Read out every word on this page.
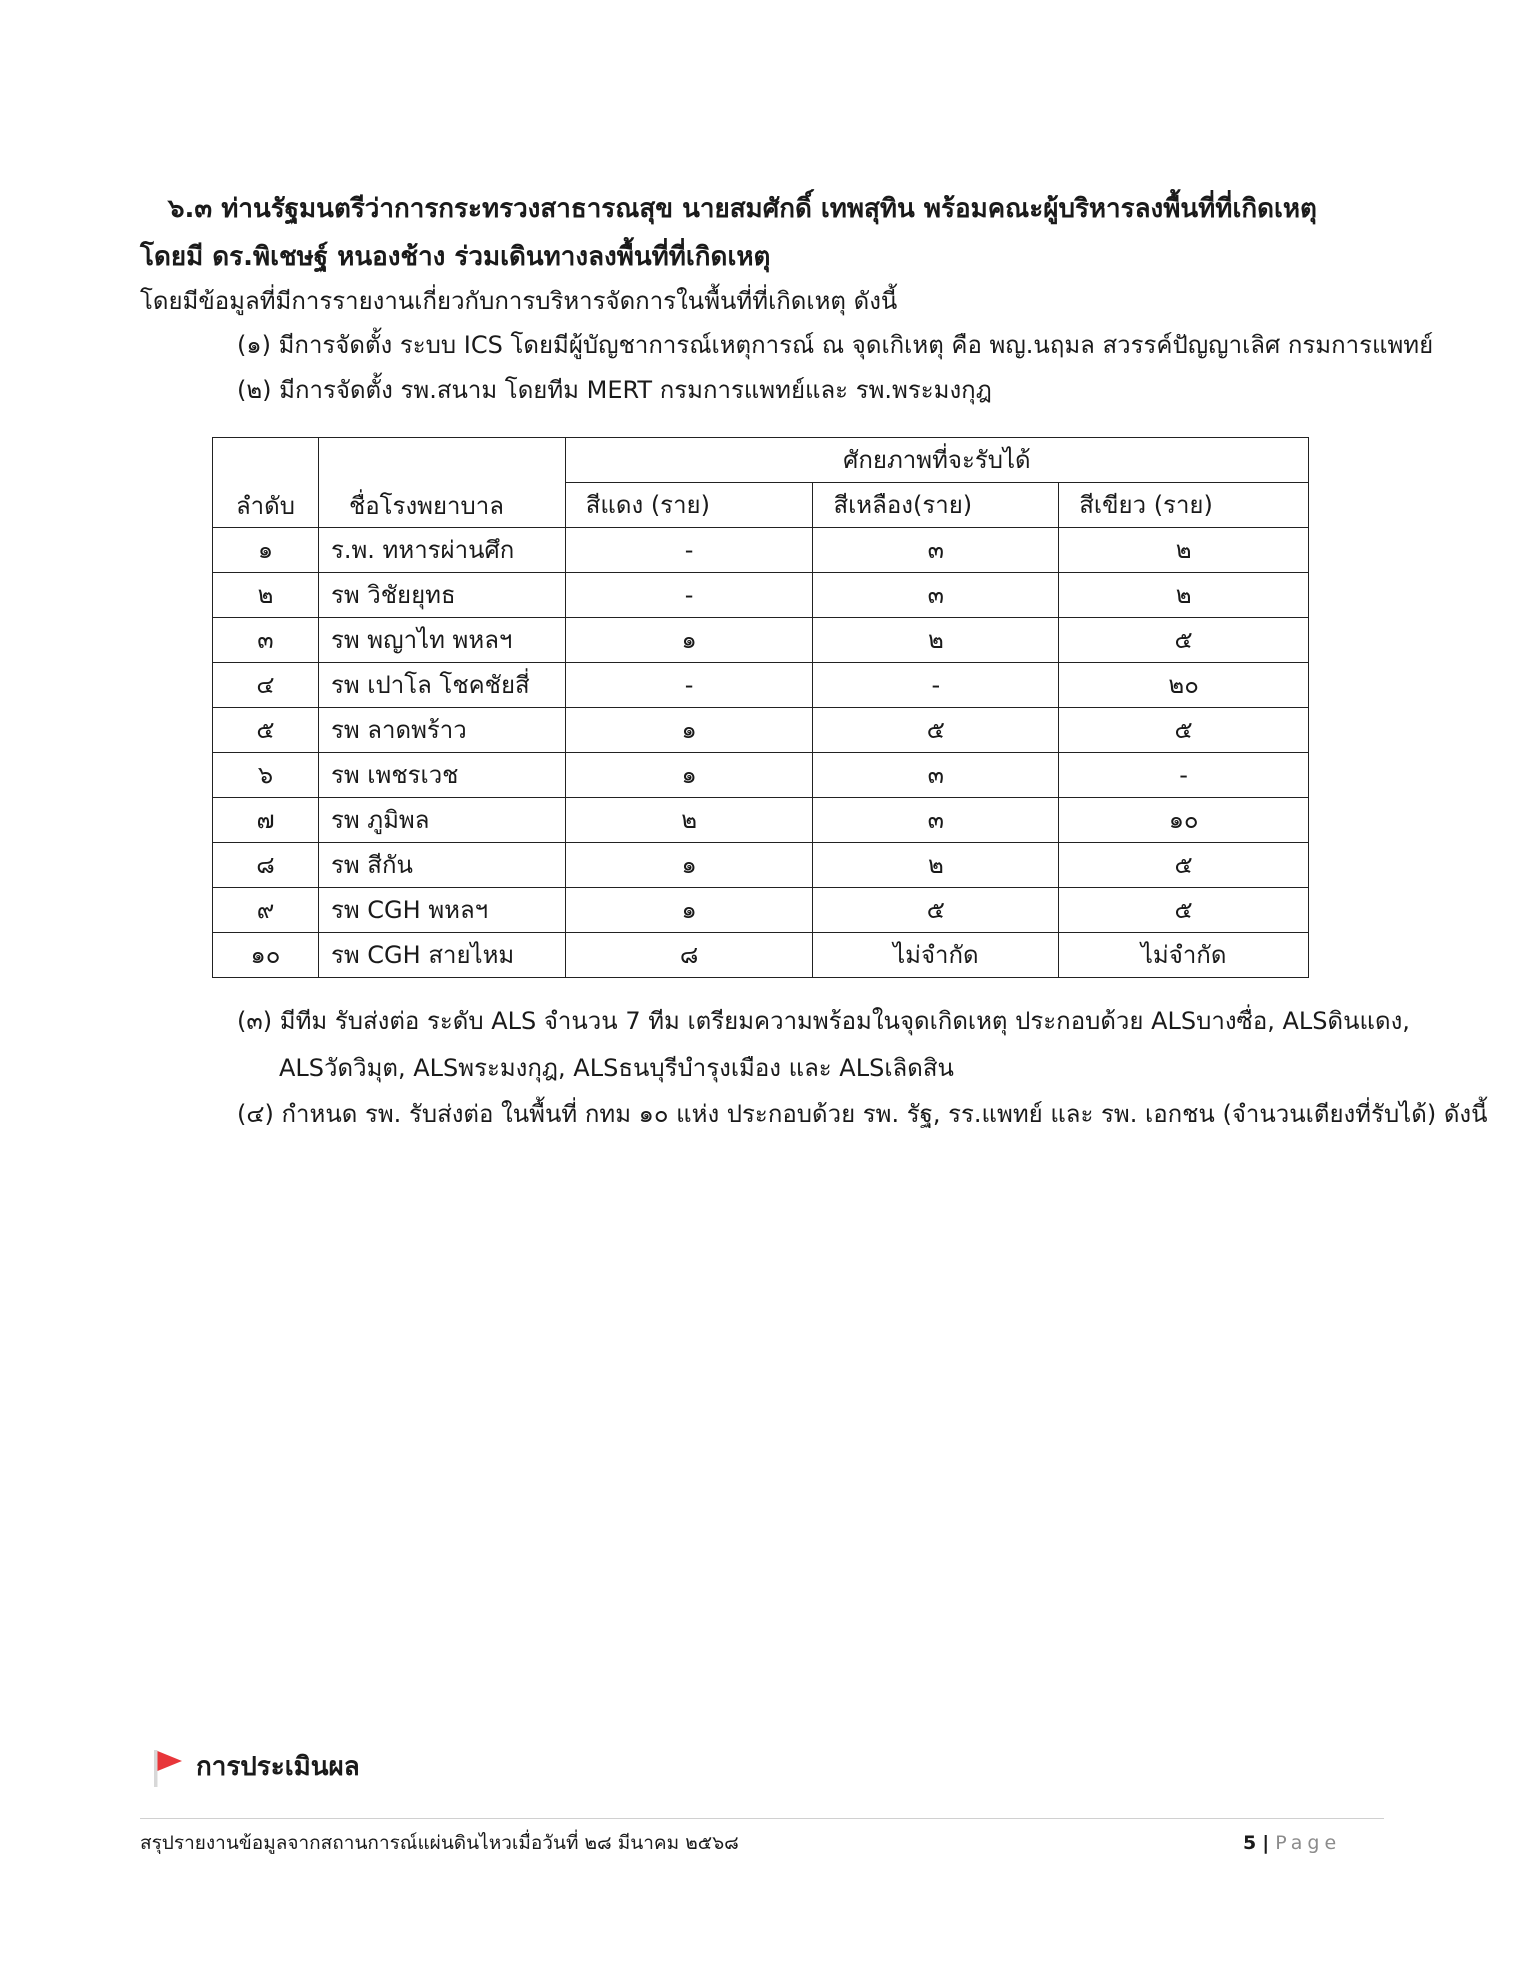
๖.๓ ท่านรัฐมนตรีว่าการกระทรวงสาธารณสุข นายสมศักดิ์ เทพสุทิน พร้อมคณะผู้บริหารลงพื้นที่ที่เกิดเหตุ
โดยมี ดร.พิเชษฐ์ หนองช้าง ร่วมเดินทางลงพื้นที่ที่เกิดเหตุ
โดยมีข้อมูลที่มีการรายงานเกี่ยวกับการบริหารจัดการในพื้นที่ที่เกิดเหตุ ดังนี้
(๑) มีการจัดตั้ง ระบบ ICS โดยมีผู้บัญชาการณ์เหตุการณ์ ณ จุดเกิเหตุ คือ พญ.นฤมล สวรรค์ปัญญาเลิศ กรมการแพทย์
(๒) มีการจัดตั้ง รพ.สนาม โดยทีม MERT กรมการแพทย์และ รพ.พระมงกุฎ
ลำดับ	ชื่อโรงพยาบาล	ศักยภาพที่จะรับได้		
		สีแดง (ราย)	สีเหลือง(ราย)	สีเขียว (ราย)
๑	ร.พ. ทหารผ่านศึก	-	๓	๒
๒	รพ วิชัยยุทธ	-	๓	๒
๓	รพ พญาไท พหลฯ	๑	๒	๕
๔	รพ เปาโล โชคชัยสี่	-	-	๒๐
๕	รพ ลาดพร้าว	๑	๕	๕
๖	รพ เพชรเวช	๑	๓	-
๗	รพ ภูมิพล	๒	๓	๑๐
๘	รพ สีกัน	๑	๒	๕
๙	รพ CGH พหลฯ	๑	๕	๕
๑๐	รพ CGH สายไหม	๘	ไม่จำกัด	ไม่จำกัด
(๓) มีทีม รับส่งต่อ ระดับ ALS จำนวน 7 ทีม เตรียมความพร้อมในจุดเกิดเหตุ ประกอบด้วย ALSบางซื่อ, ALSดินแดง,
ALSวัดวิมุต, ALSพระมงกุฎ, ALSธนบุรีบำรุงเมือง และ ALSเลิดสิน
(๔) กำหนด รพ. รับส่งต่อ ในพื้นที่ กทม ๑๐ แห่ง ประกอบด้วย รพ. รัฐ, รร.แพทย์ และ รพ. เอกชน (จำนวนเตียงที่รับได้) ดังนี้
การประเมินผล
สรุปรายงานข้อมูลจากสถานการณ์แผ่นดินไหวเมื่อวันที่ ๒๘ มีนาคม ๒๕๖๘	5 | Page
